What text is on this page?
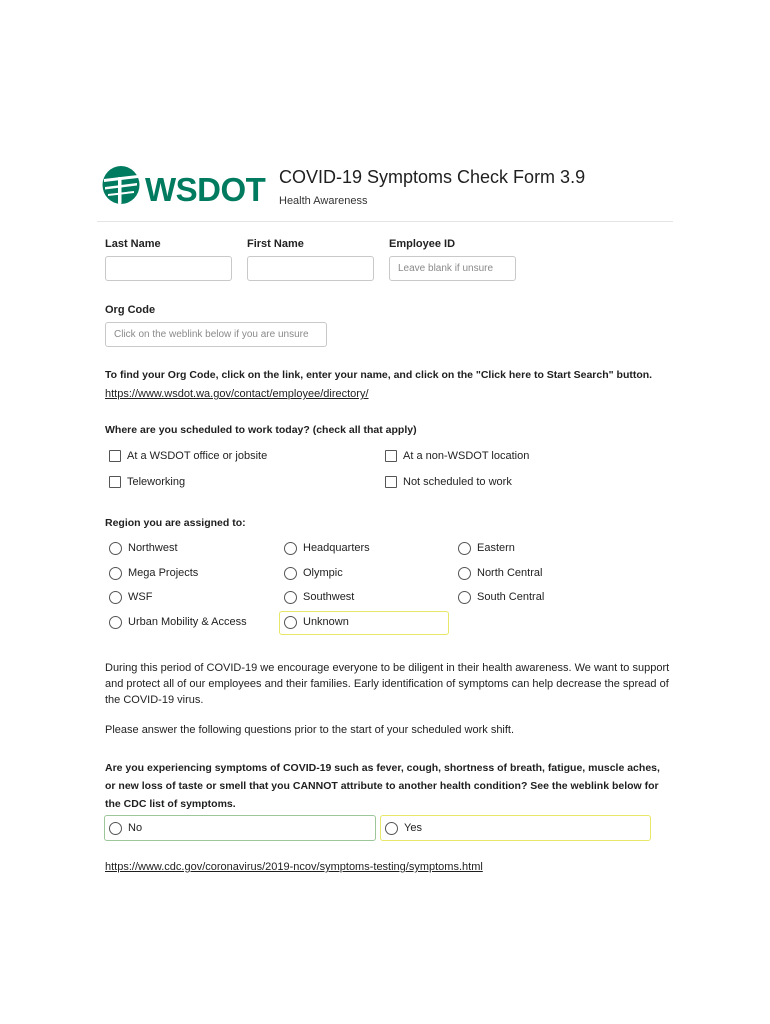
WSDOT COVID-19 Symptoms Check Form 3.9
Health Awareness
Last Name	First Name	Employee ID
Leave blank if unsure
Org Code
Click on the weblink below if you are unsure
To find your Org Code, click on the link, enter your name, and click on the "Click here to Start Search" button.
https://www.wsdot.wa.gov/contact/employee/directory/
Where are you scheduled to work today? (check all that apply)
At a WSDOT office or jobsite	At a non-WSDOT location
Teleworking	Not scheduled to work
Region you are assigned to:
Northwest	Headquarters	Eastern
Mega Projects	Olympic	North Central
WSF	Southwest	South Central
Urban Mobility & Access	Unknown
During this period of COVID-19 we encourage everyone to be diligent in their health awareness. We want to support and protect all of our employees and their families. Early identification of symptoms can help decrease the spread of the COVID-19 virus.
Please answer the following questions prior to the start of your scheduled work shift.
Are you experiencing symptoms of COVID-19 such as fever, cough, shortness of breath, fatigue, muscle aches, or new loss of taste or smell that you CANNOT attribute to another health condition? See the weblink below for the CDC list of symptoms.
No	Yes
https://www.cdc.gov/coronavirus/2019-ncov/symptoms-testing/symptoms.html
